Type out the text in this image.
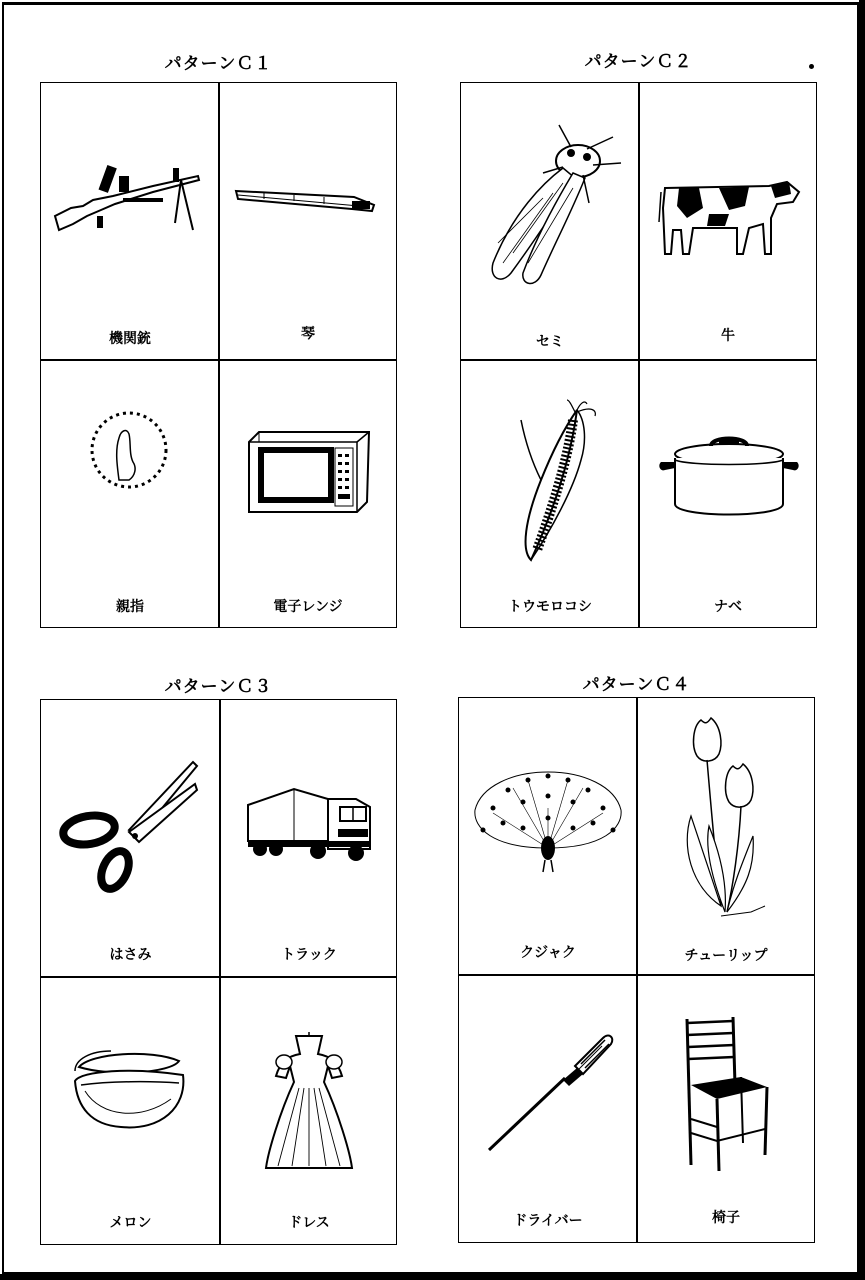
パターンＣ１
機関銃	琴
親指	電子レンジ
パターンＣ２
セミ	牛
トウモロコシ	ナベ
パターンＣ３
はさみ	トラック
メロン	ドレス
パターンＣ４
クジャク	チューリップ
ドライバー	椅子
